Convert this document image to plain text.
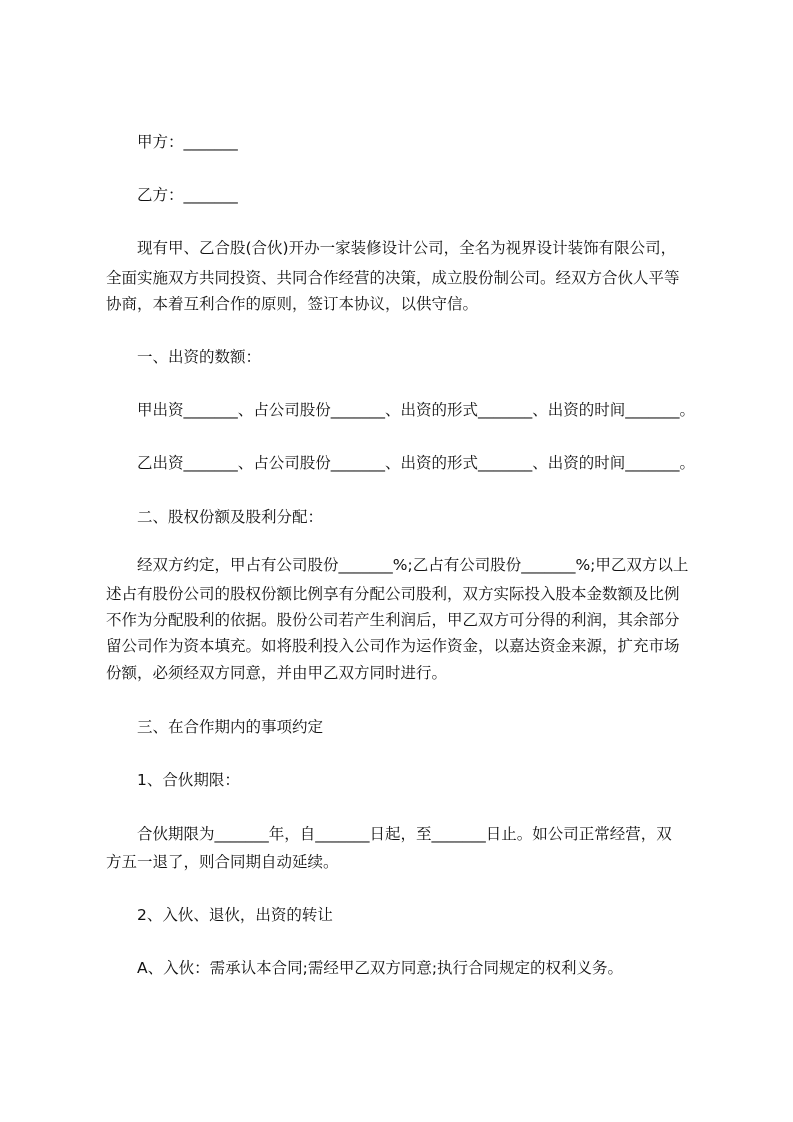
甲方：_______

乙方：_______

现有甲、乙合股(合伙)开办一家装修设计公司，全名为视界设计装饰有限公司，

全面实施双方共同投资、共同合作经营的决策，成立股份制公司。经双方合伙人平等

协商，本着互利合作的原则，签订本协议，以供守信。

一、出资的数额：

甲出资_______、占公司股份_______、出资的形式_______、出资的时间_______。

乙出资_______、占公司股份_______、出资的形式_______、出资的时间_______。

二、股权份额及股利分配：

经双方约定，甲占有公司股份_______%;乙占有公司股份_______%;甲乙双方以上

述占有股份公司的股权份额比例享有分配公司股利，双方实际投入股本金数额及比例

不作为分配股利的依据。股份公司若产生利润后，甲乙双方可分得的利润，其余部分

留公司作为资本填充。如将股利投入公司作为运作资金，以嘉达资金来源，扩充市场

份额，必须经双方同意，并由甲乙双方同时进行。

三、在合作期内的事项约定

1、合伙期限：

合伙期限为_______年，自_______日起，至_______日止。如公司正常经营，双

方五一退了，则合同期自动延续。

2、入伙、退伙，出资的转让

A、入伙：需承认本合同;需经甲乙双方同意;执行合同规定的权利义务。
